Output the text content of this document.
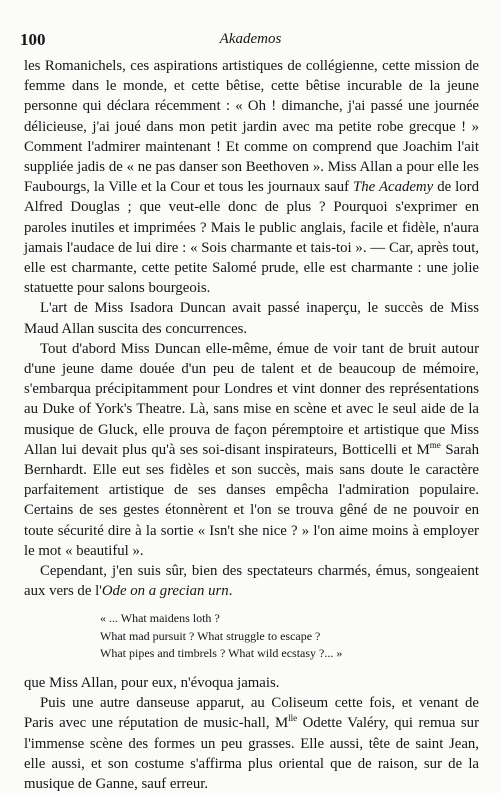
100	Akademos

les Romanichels, ces aspirations artistiques de collégienne, cette mission de femme dans le monde, et cette bêtise, cette bêtise incurable de la jeune personne qui déclara récemment : « Oh ! dimanche, j'ai passé une journée délicieuse, j'ai joué dans mon petit jardin avec ma petite robe grecque ! » Comment l'admirer maintenant ! Et comme on comprend que Joachim l'ait suppliée jadis de « ne pas danser son Beethoven ». Miss Allan a pour elle les Faubourgs, la Ville et la Cour et tous les journaux sauf The Academy de lord Alfred Douglas ; que veut-elle donc de plus ? Pourquoi s'exprimer en paroles inutiles et imprimées ? Mais le public anglais, facile et fidèle, n'aura jamais l'audace de lui dire : « Sois charmante et tais-toi ». — Car, après tout, elle est charmante, cette petite Salomé prude, elle est charmante : une jolie statuette pour salons bourgeois.

L'art de Miss Isadora Duncan avait passé inaperçu, le succès de Miss Maud Allan suscita des concurrences.

Tout d'abord Miss Duncan elle-même, émue de voir tant de bruit autour d'une jeune dame douée d'un peu de talent et de beaucoup de mémoire, s'embarqua précipitamment pour Londres et vint donner des représentations au Duke of York's Theatre. Là, sans mise en scène et avec le seul aide de la musique de Gluck, elle prouva de façon péremptoire et artistique que Miss Allan lui devait plus qu'à ses soi-disant inspirateurs, Botticelli et $M^{me}$ Sarah Bernhardt. Elle eut ses fidèles et son succès, mais sans doute le caractère parfaitement artistique de ses danses empêcha l'admiration populaire. Certains de ses gestes étonnèrent et l'on se trouva gêné de ne pouvoir en toute sécurité dire à la sortie « Isn't she nice ? » l'on aime moins à employer le mot « beautiful ».

Cependant, j'en suis sûr, bien des spectateurs charmés, émus, songeaient aux vers de l'Ode on a grecian urn.

« ... What maidens loth ?
What mad pursuit ? What struggle to escape ?
What pipes and timbrels ? What wild ecstasy ?... »

que Miss Allan, pour eux, n'évoqua jamais.

Puis une autre danseuse apparut, au Coliseum cette fois, et venant de Paris avec une réputation de music-hall, $M^{lle}$ Odette Valéry, qui remua sur l'immense scène des formes un peu grasses. Elle aussi, tête de saint Jean, elle aussi, et son costume s'affirma plus oriental que de raison, sur de la musique de Ganne, sauf erreur.
